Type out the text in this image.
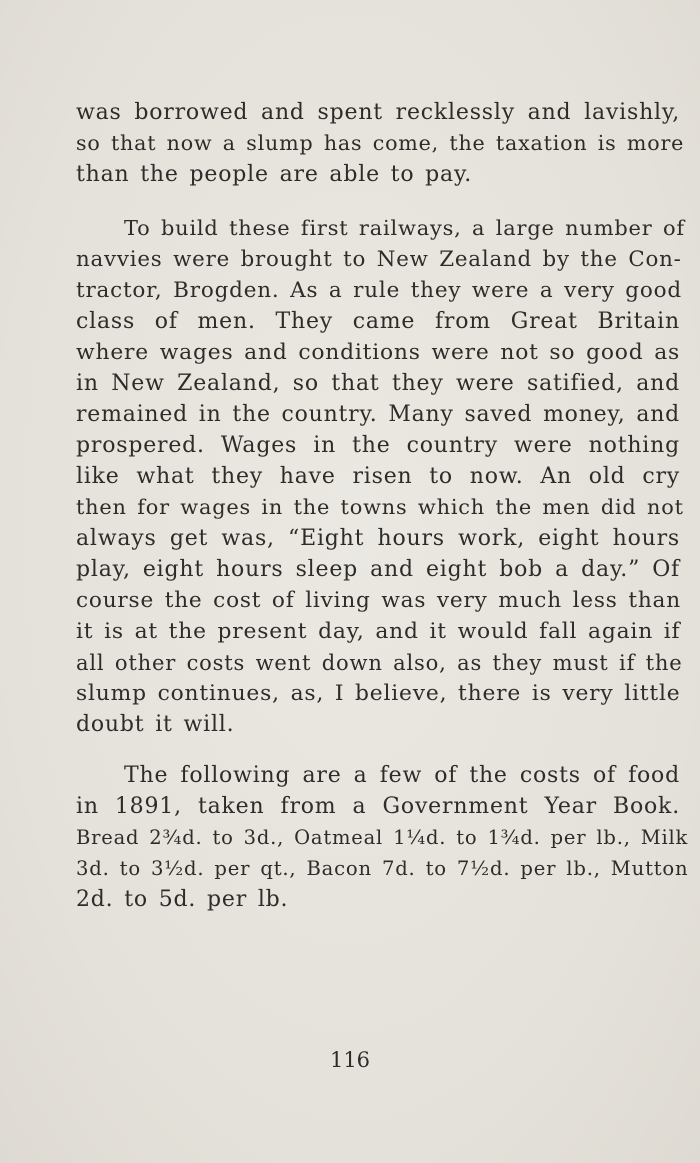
was borrowed and spent recklessly and lavishly,
so that now a slump has come, the taxation is more
than the people are able to pay.
To build these first railways, a large number of
navvies were brought to New Zealand by the Con-
tractor, Brogden. As a rule they were a very good
class of men. They came from Great Britain
where wages and conditions were not so good as
in New Zealand, so that they were satified, and
remained in the country. Many saved money, and
prospered. Wages in the country were nothing
like what they have risen to now. An old cry
then for wages in the towns which the men did not
always get was, “Eight hours work, eight hours
play, eight hours sleep and eight bob a day.” Of
course the cost of living was very much less than
it is at the present day, and it would fall again if
all other costs went down also, as they must if the
slump continues, as, I believe, there is very little
doubt it will.
The following are a few of the costs of food
in 1891, taken from a Government Year Book.
Bread 2¾d. to 3d., Oatmeal 1¼d. to 1¾d. per lb., Milk
3d. to 3½d. per qt., Bacon 7d. to 7½d. per lb., Mutton
2d. to 5d. per lb.
116
